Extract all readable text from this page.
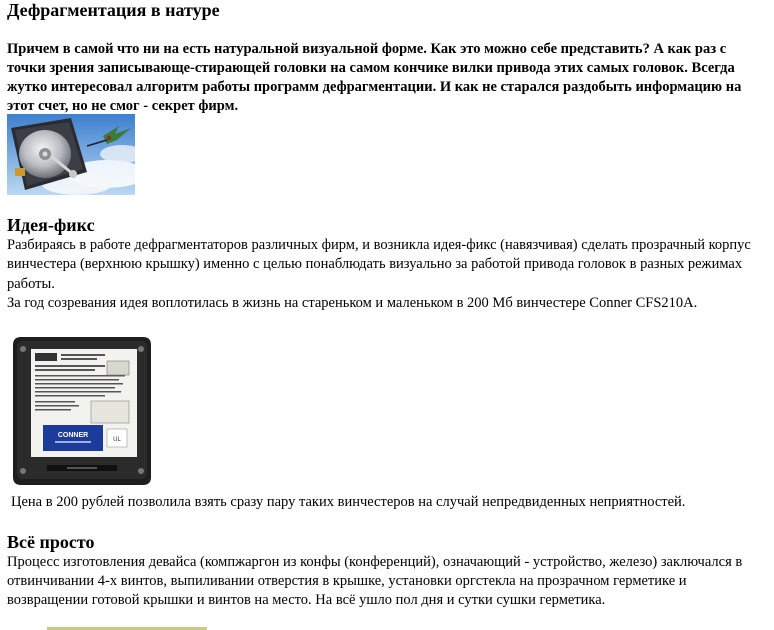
Дефрагментация в натуре

Причем в самой что ни на есть натуральной визуальной форме. Как это можно себе представить? А как раз с точки зрения записывающе-стирающей головки на самом кончике вилки привода этих самых головок. Всегда жутко интересовал алгоритм работы программ дефрагментации. И как не старался раздобыть информацию на этот счет, но не смог - секрет фирм.

Идея-фикс
Разбираясь в работе дефрагментаторов различных фирм, и возникла идея-фикс (навязчивая) сделать прозрачный корпус винчестера (верхнюю крышку) именно с целью понаблюдать визуально за работой привода головок в разных режимах работы.
За год созревания идея воплотилась в жизнь на стареньком и маленьком в 200 Мб винчестере Conner CFS210A.
CONNER
UL

Цена в 200 рублей позволила взять сразу пару таких винчестеров на случай непредвиденных неприятностей.

Всё просто

Процесс изготовления девайса (компжаргон из конфы (конференций), означающий - устройство, железо) заключался в отвинчивании 4-х винтов, выпиливании отверстия в крышке, установки оргстекла на прозрачном герметике и возвращении готовой крышки и винтов на место. На всё ушло пол дня и сутки сушки герметика.
